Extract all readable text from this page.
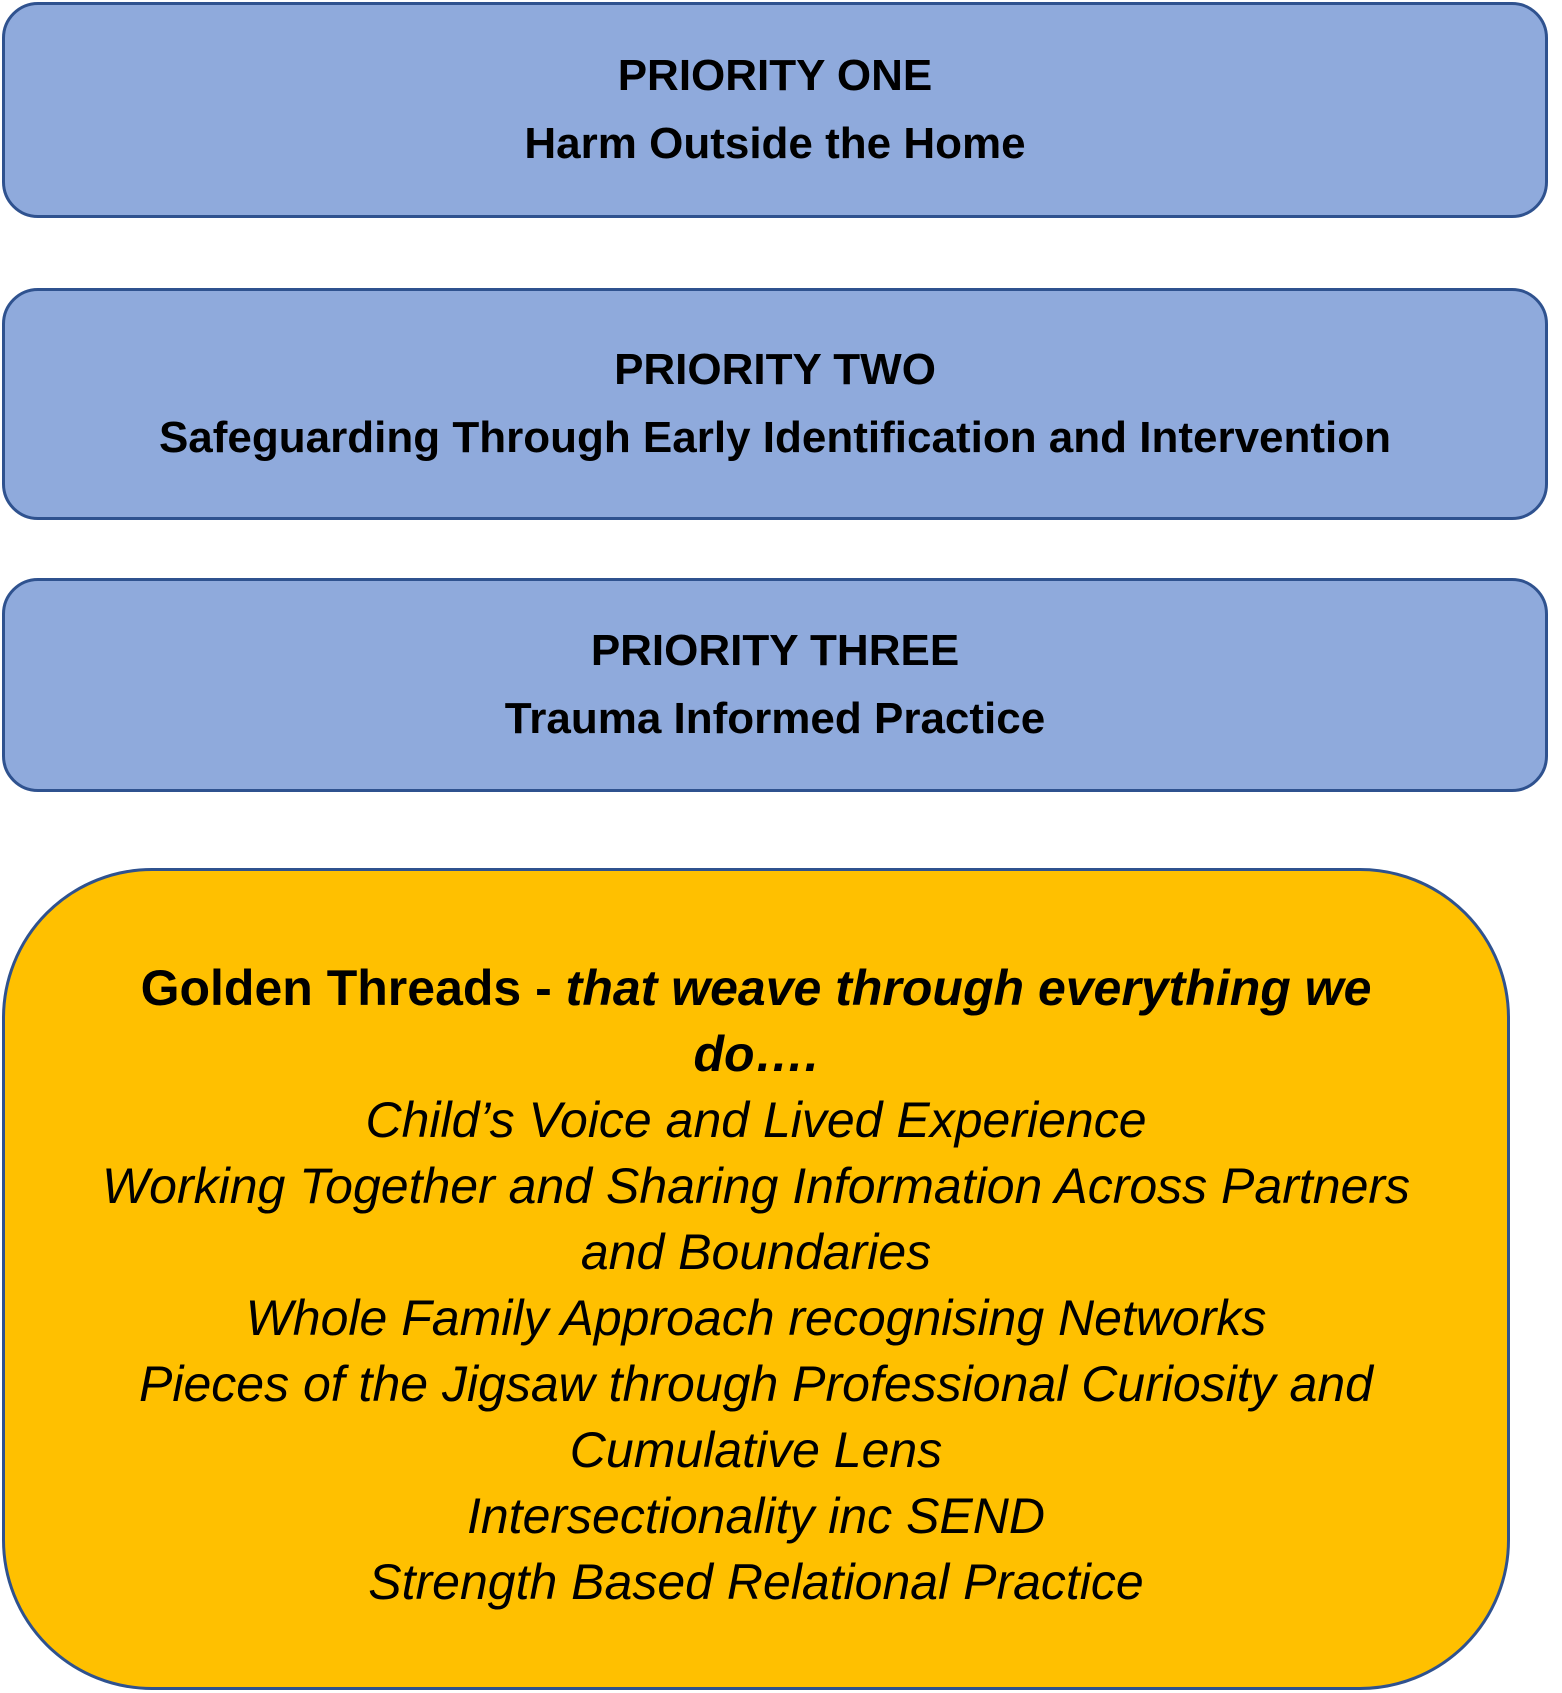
PRIORITY ONE
Harm Outside the Home
PRIORITY TWO
Safeguarding Through Early Identification and Intervention
PRIORITY THREE
Trauma Informed Practice

Golden Threads - that weave through everything we do….

Child’s Voice and Lived Experience
Working Together and Sharing Information Across Partners and Boundaries
Whole Family Approach recognising Networks
Pieces of the Jigsaw through Professional Curiosity and Cumulative Lens
Intersectionality inc SEND
Strength Based Relational Practice
